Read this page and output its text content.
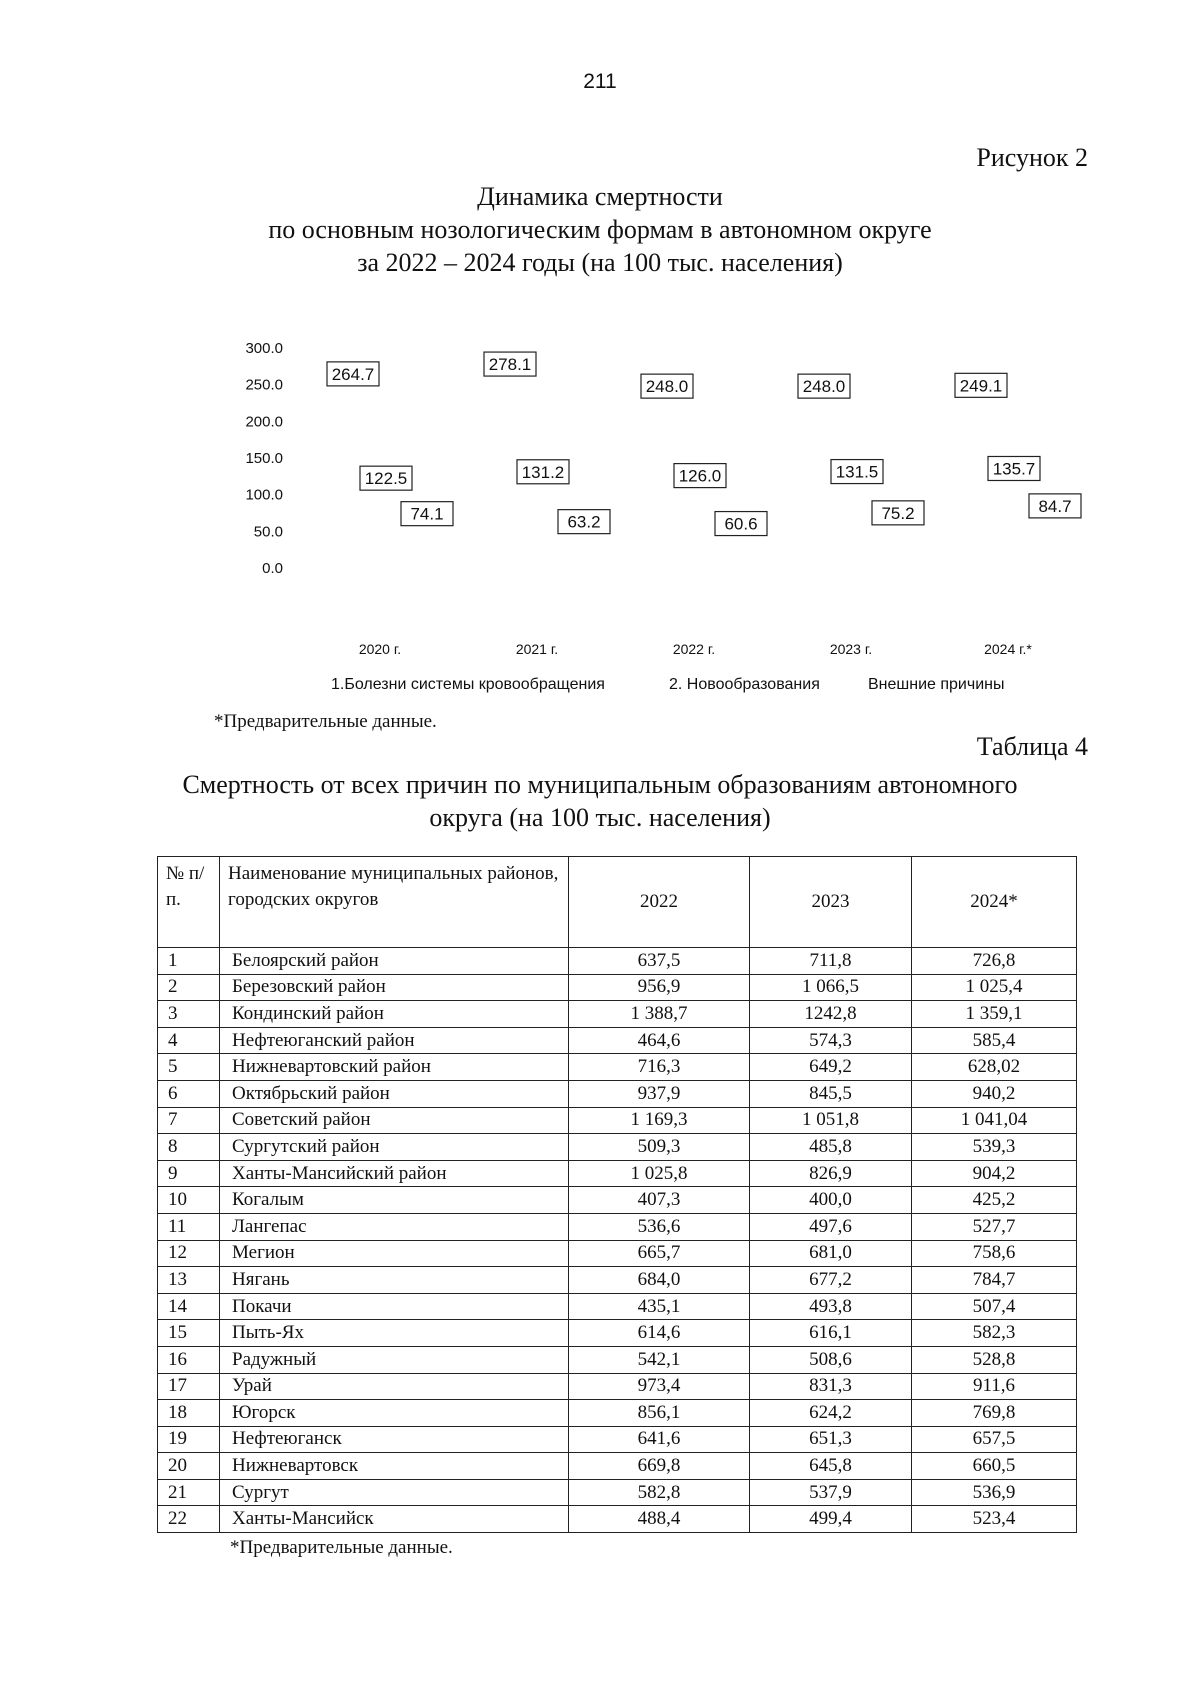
211
Рисунок 2
Динамика смертности
по основным нозологическим формам в автономном округе
за 2022 – 2024 годы (на 100 тыс. населения)
300.0
250.0
200.0
150.0
100.0
50.0
0.0
2020 г.	2021 г.	2022 г.	2023 г.	2024 г.*
264.7
278.1
248.0	248.0	249.1
122.5	131.2	126.0	131.5	135.7
74.1	63.2	60.6
75.2	84.7
1.Болезни системы кровообращения	2. Новообразования	Внешние причины
*Предварительные данные.
Таблица 4
Смертность от всех причин по муниципальным образованиям автономного
округа (на 100 тыс. населения)
№ п/п.	Наименование муниципальных районов, городских округов	2022	2023	2024*
1	Белоярский район	637,5	711,8	726,8
2	Березовский район	956,9	1 066,5	1 025,4
3	Кондинский район	1 388,7	1242,8	1 359,1
4	Нефтеюганский район	464,6	574,3	585,4
5	Нижневартовский район	716,3	649,2	628,02
6	Октябрьский район	937,9	845,5	940,2
7	Советский район	1 169,3	1 051,8	1 041,04
8	Сургутский район	509,3	485,8	539,3
9	Ханты-Мансийский район	1 025,8	826,9	904,2
10	Когалым	407,3	400,0	425,2
11	Лангепас	536,6	497,6	527,7
12	Мегион	665,7	681,0	758,6
13	Нягань	684,0	677,2	784,7
14	Покачи	435,1	493,8	507,4
15	Пыть-Ях	614,6	616,1	582,3
16	Радужный	542,1	508,6	528,8
17	Урай	973,4	831,3	911,6
18	Югорск	856,1	624,2	769,8
19	Нефтеюганск	641,6	651,3	657,5
20	Нижневартовск	669,8	645,8	660,5
21	Сургут	582,8	537,9	536,9
22	Ханты-Мансийск	488,4	499,4	523,4
*Предварительные данные.
